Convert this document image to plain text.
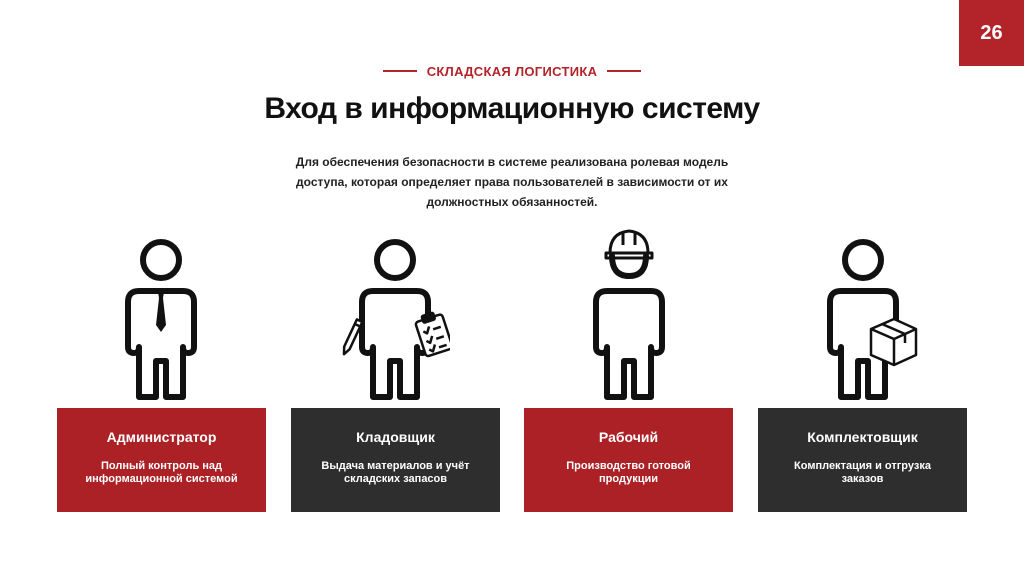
26
СКЛАДСКАЯ ЛОГИСТИКА
Вход в информационную систему
Для обеспечения безопасности в системе реализована ролевая модель
доступа, которая определяет права пользователей в зависимости от их
должностных обязанностей.
Администратор
Полный контроль над
информационной системой
Кладовщик
Выдача материалов и учёт
складских запасов
Рабочий
Производство готовой
продукции
Комплектовщик
Комплектация и отгрузка
заказов
